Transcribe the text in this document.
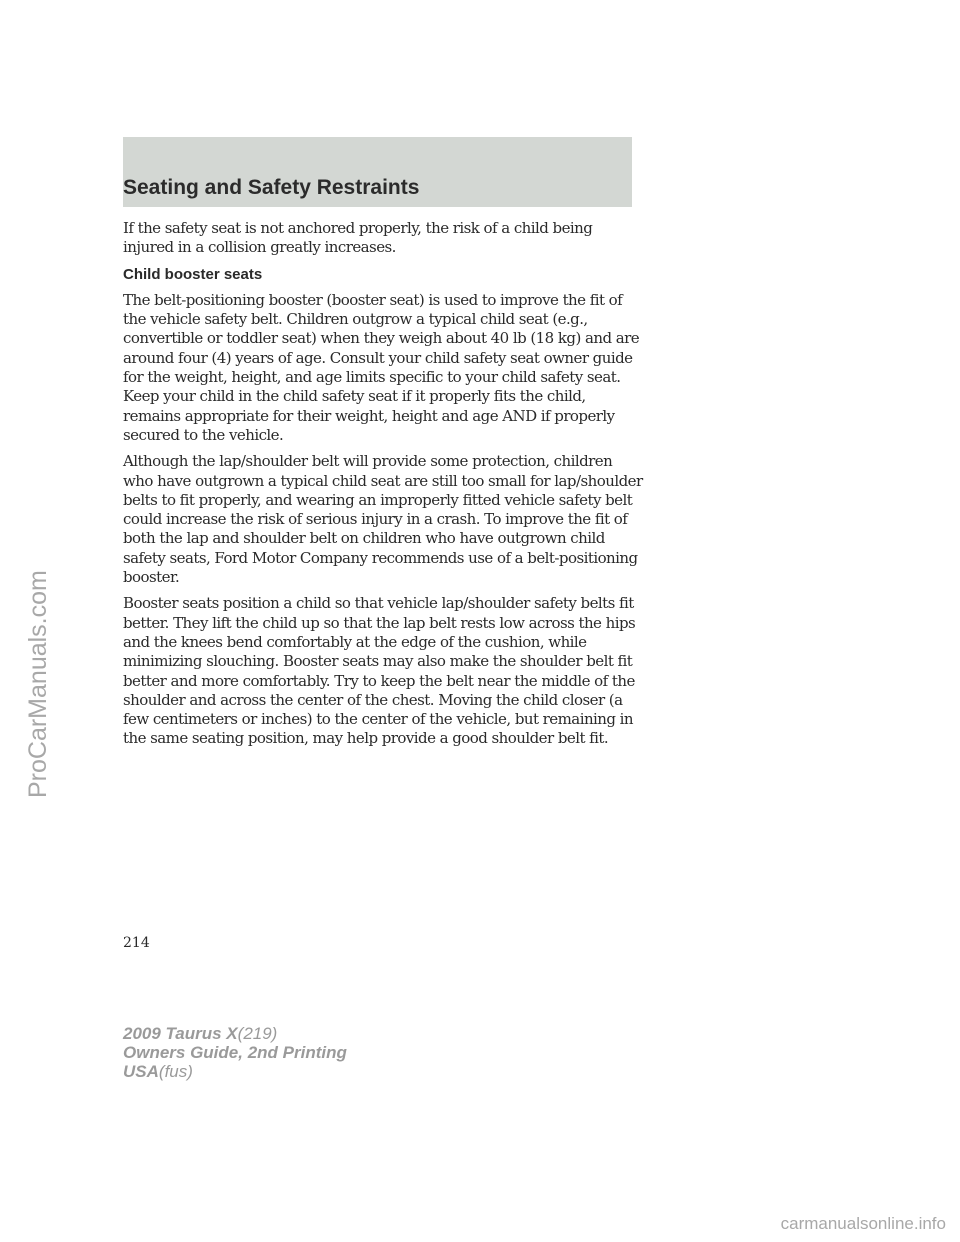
Seating and Safety Restraints

If the safety seat is not anchored properly, the risk of a child being injured in a collision greatly increases.

Child booster seats

The belt-positioning booster (booster seat) is used to improve the fit of the vehicle safety belt. Children outgrow a typical child seat (e.g., convertible or toddler seat) when they weigh about 40 lb (18 kg) and are around four (4) years of age. Consult your child safety seat owner guide for the weight, height, and age limits specific to your child safety seat. Keep your child in the child safety seat if it properly fits the child, remains appropriate for their weight, height and age AND if properly secured to the vehicle.

Although the lap/shoulder belt will provide some protection, children who have outgrown a typical child seat are still too small for lap/shoulder belts to fit properly, and wearing an improperly fitted vehicle safety belt could increase the risk of serious injury in a crash. To improve the fit of both the lap and shoulder belt on children who have outgrown child safety seats, Ford Motor Company recommends use of a belt-positioning booster.

Booster seats position a child so that vehicle lap/shoulder safety belts fit better. They lift the child up so that the lap belt rests low across the hips and the knees bend comfortably at the edge of the cushion, while minimizing slouching. Booster seats may also make the shoulder belt fit better and more comfortably. Try to keep the belt near the middle of the shoulder and across the center of the chest. Moving the child closer (a few centimeters or inches) to the center of the vehicle, but remaining in the same seating position, may help provide a good shoulder belt fit.

214
2009 Taurus X(219)
Owners Guide, 2nd Printing
USA(fus)
ProCarManuals.com
carmanualsonline.info
